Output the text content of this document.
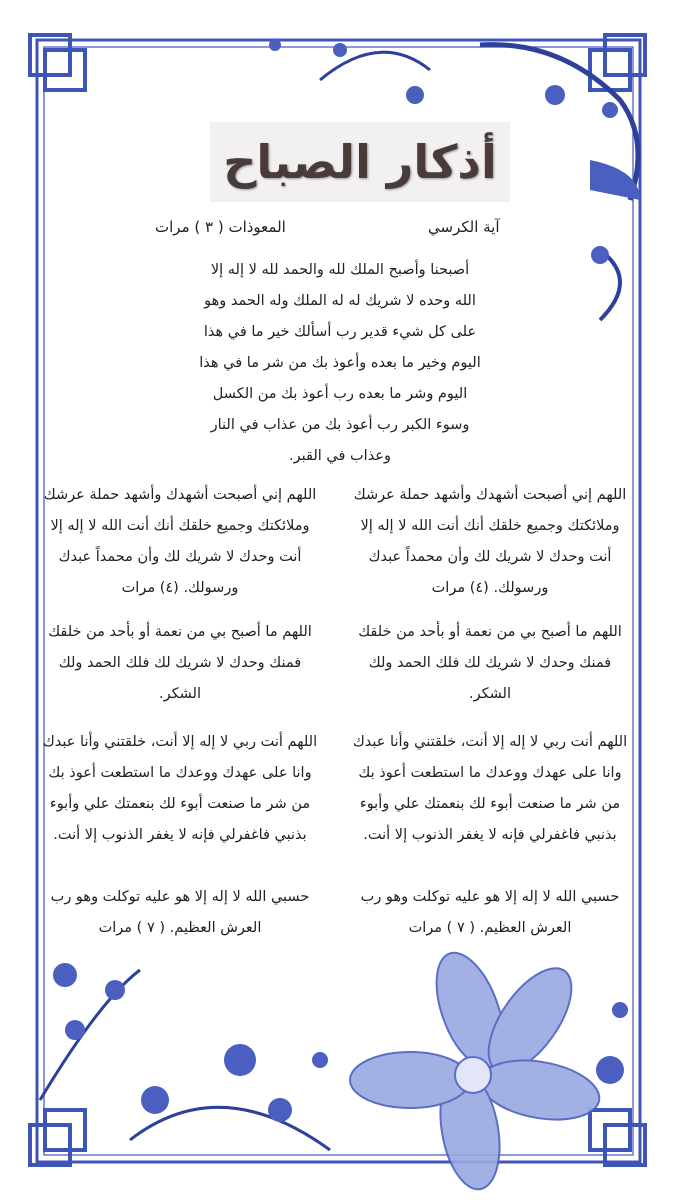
أذكار الصباح
آية الكرسي
المعوذات ( ٣ ) مرات
أصبحنا وأصبح الملك لله والحمد لله لا إله إلا
الله وحده لا شريك له له الملك وله الحمد وهو
على كل شيء قدير رب أسألك خير ما في هذا
اليوم وخير ما بعده وأعوذ بك من شر ما في هذا
اليوم وشر ما بعده رب أعوذ بك من الكسل
وسوء الكبر رب أعوذ بك من عذاب في النار
وعذاب في القبر.
اللهم إني أصبحت أشهدك وأشهد حملة عرشك
وملائكتك وجميع خلقك أنك أنت الله لا إله إلا
أنت وحدك لا شريك لك وأن محمداً عبدك
ورسولك. (٤) مرات
اللهم ما أصبح بي من نعمة أو بأحد من خلقك
فمنك وحدك لا شريك لك فلك الحمد ولك
الشكر.
اللهم أنت ربي لا إله إلا أنت، خلقتني وأنا عبدك
وانا على عهدك ووعدك ما استطعت أعوذ بك
من شر ما صنعت أبوء لك بنعمتك علي وأبوء
بذنبي فاغفرلي فإنه لا يغفر الذنوب إلا أنت.
حسبي الله لا إله إلا هو عليه توكلت وهو رب
العرش العظيم. ( ٧ ) مرات
اللهم إني أصبحت أشهدك وأشهد حملة عرشك
وملائكتك وجميع خلقك أنك أنت الله لا إله إلا
أنت وحدك لا شريك لك وأن محمداً عبدك
ورسولك. (٤) مرات
اللهم ما أصبح بي من نعمة أو بأحد من خلقك
فمنك وحدك لا شريك لك فلك الحمد ولك
الشكر.
اللهم أنت ربي لا إله إلا أنت، خلقتني وأنا عبدك
وانا على عهدك ووعدك ما استطعت أعوذ بك
من شر ما صنعت أبوء لك بنعمتك علي وأبوء
بذنبي فاغفرلي فإنه لا يغفر الذنوب إلا أنت.
حسبي الله لا إله إلا هو عليه توكلت وهو رب
العرش العظيم. ( ٧ ) مرات
